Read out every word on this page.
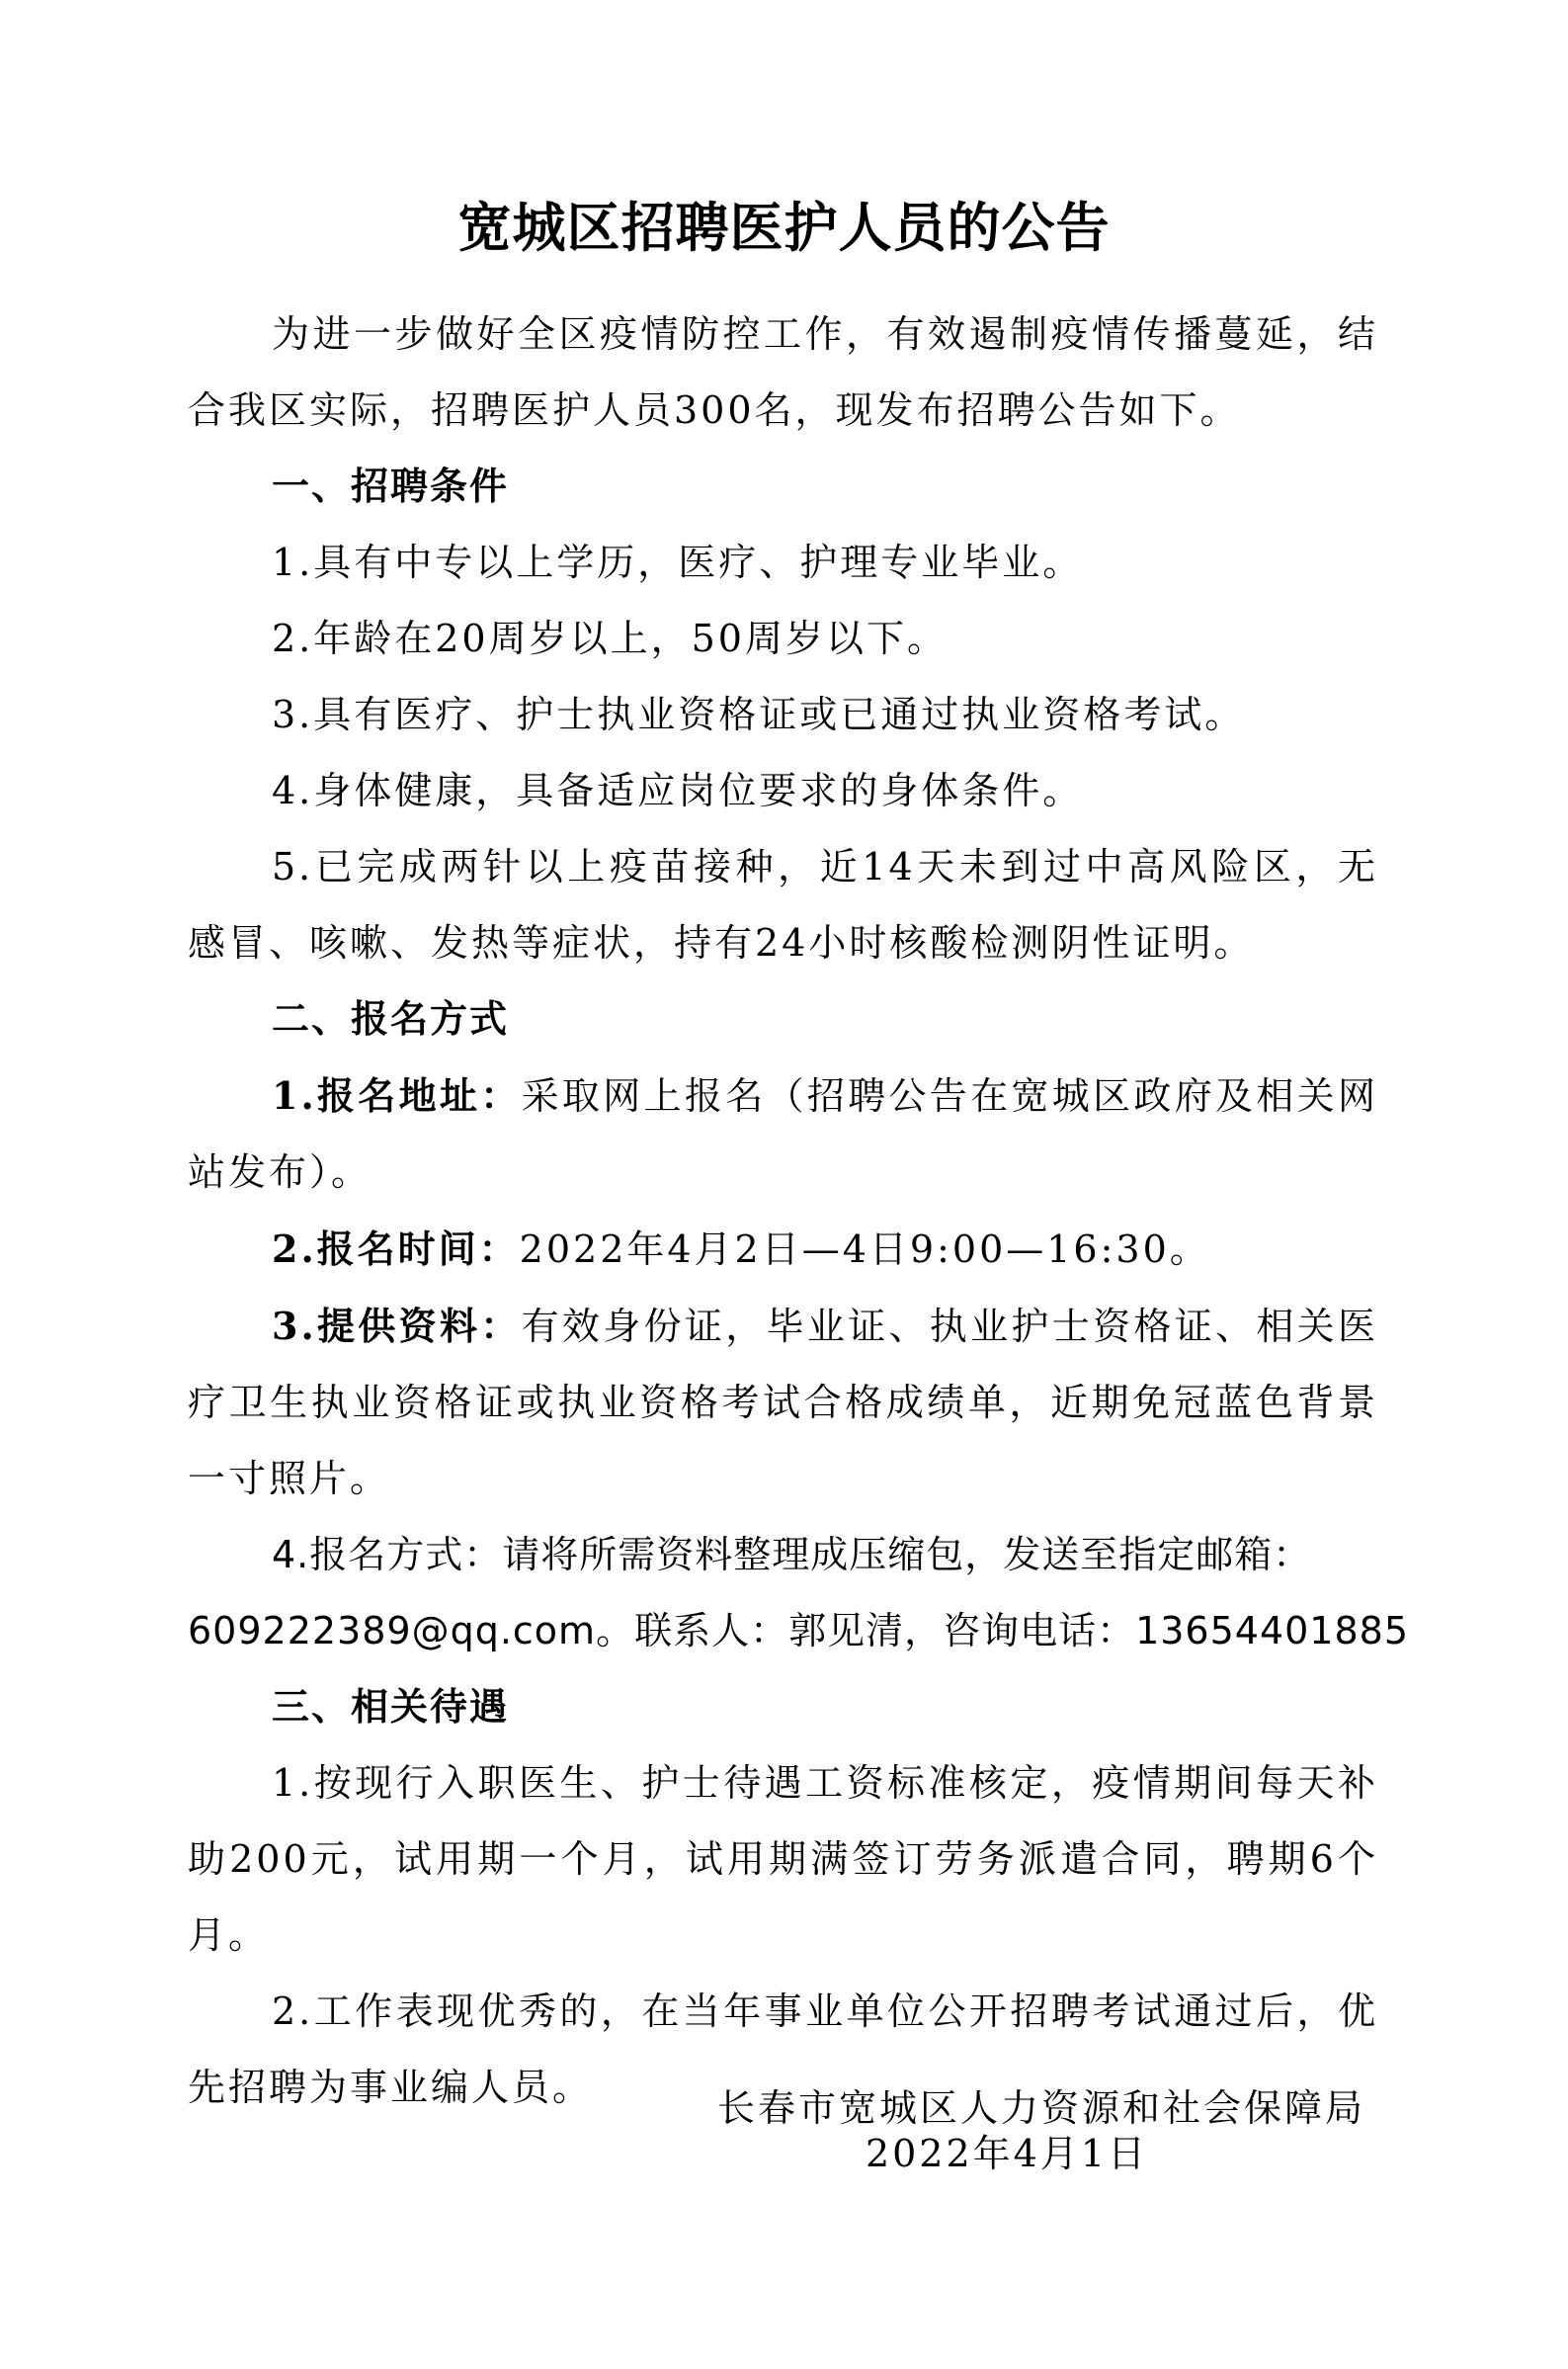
宽城区招聘医护人员的公告

为进一步做好全区疫情防控工作，有效遏制疫情传播蔓延，结合我区实际，招聘医护人员300名，现发布招聘公告如下。

一、招聘条件

1.具有中专以上学历，医疗、护理专业毕业。

2.年龄在20周岁以上，50周岁以下。

3.具有医疗、护士执业资格证或已通过执业资格考试。

4.身体健康，具备适应岗位要求的身体条件。

5.已完成两针以上疫苗接种，近14天未到过中高风险区，无感冒、咳嗽、发热等症状，持有24小时核酸检测阴性证明。

二、报名方式

1.报名地址：采取网上报名（招聘公告在宽城区政府及相关网站发布）。

2.报名时间：2022年4月2日—4日9:00—16:30。

3.提供资料：有效身份证，毕业证、执业护士资格证、相关医疗卫生执业资格证或执业资格考试合格成绩单，近期免冠蓝色背景一寸照片。

4.报名方式：请将所需资料整理成压缩包，发送至指定邮箱：

609222389@qq.com。联系人：郭见清，咨询电话：13654401885

三、相关待遇

1.按现行入职医生、护士待遇工资标准核定，疫情期间每天补助200元，试用期一个月，试用期满签订劳务派遣合同，聘期6个月。

2.工作表现优秀的，在当年事业单位公开招聘考试通过后，优先招聘为事业编人员。	长春市宽城区人力资源和社会保障局
2022年4月1日
